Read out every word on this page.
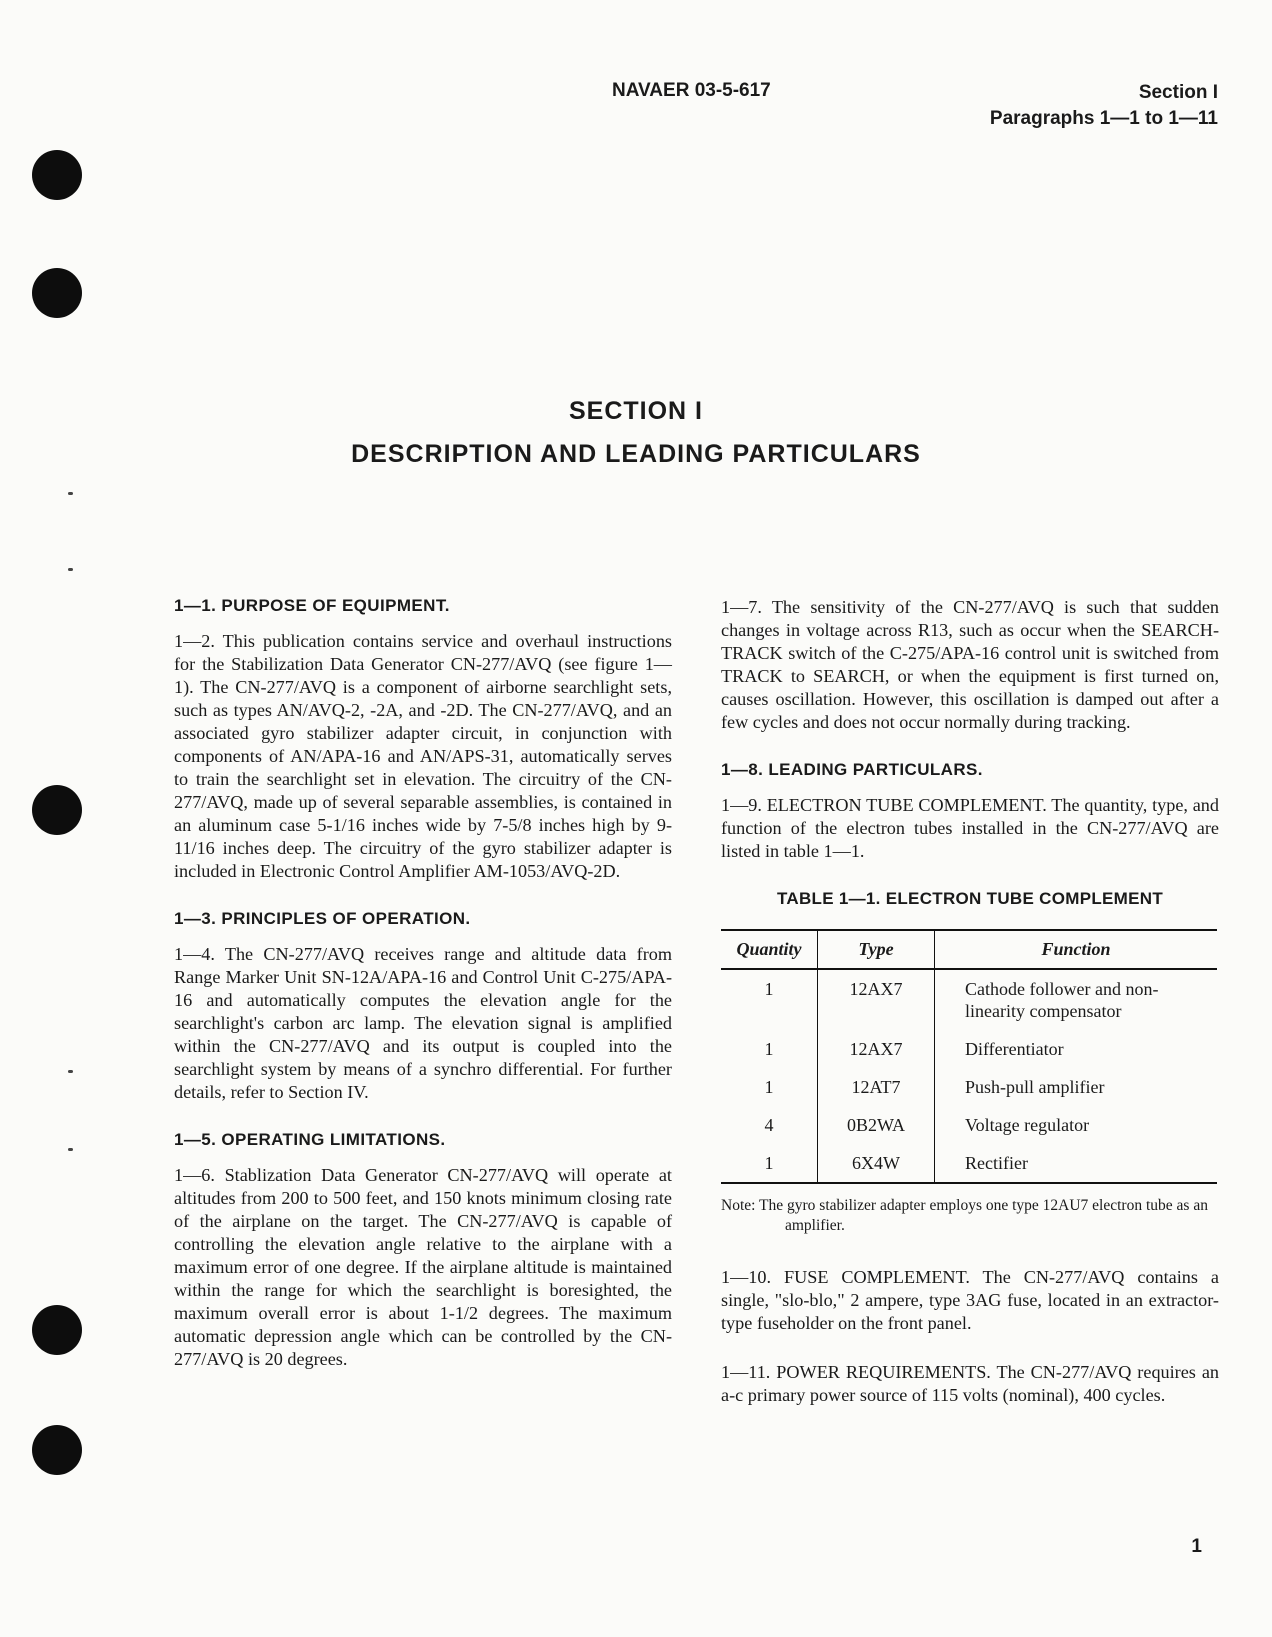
NAVAER 03-5-617	Section I
Paragraphs 1—1 to 1—11
SECTION I
DESCRIPTION AND LEADING PARTICULARS
1—1. PURPOSE OF EQUIPMENT.

1—2. This publication contains service and overhaul instructions for the Stabilization Data Generator CN-277/AVQ (see figure 1—1). The CN-277/AVQ is a component of airborne searchlight sets, such as types AN/AVQ-2, -2A, and -2D. The CN-277/AVQ, and an associated gyro stabilizer adapter circuit, in conjunction with components of AN/APA-16 and AN/APS-31, automatically serves to train the searchlight set in elevation. The circuitry of the CN-277/AVQ, made up of several separable assemblies, is contained in an aluminum case 5-1/16 inches wide by 7-5/8 inches high by 9-11/16 inches deep. The circuitry of the gyro stabilizer adapter is included in Electronic Control Amplifier AM-1053/AVQ-2D.

1—3. PRINCIPLES OF OPERATION.

1—4. The CN-277/AVQ receives range and altitude data from Range Marker Unit SN-12A/APA-16 and Control Unit C-275/APA-16 and automatically computes the elevation angle for the searchlight's carbon arc lamp. The elevation signal is amplified within the CN-277/AVQ and its output is coupled into the searchlight system by means of a synchro differential. For further details, refer to Section IV.

1—5. OPERATING LIMITATIONS.

1—6. Stablization Data Generator CN-277/AVQ will operate at altitudes from 200 to 500 feet, and 150 knots minimum closing rate of the airplane on the target. The CN-277/AVQ is capable of controlling the elevation angle relative to the airplane with a maximum error of one degree. If the airplane altitude is maintained within the range for which the searchlight is boresighted, the maximum overall error is about 1-1/2 degrees. The maximum automatic depression angle which can be controlled by the CN-277/AVQ is 20 degrees.

1—7. The sensitivity of the CN-277/AVQ is such that sudden changes in voltage across R13, such as occur when the SEARCH-TRACK switch of the C-275/APA-16 control unit is switched from TRACK to SEARCH, or when the equipment is first turned on, causes oscillation. However, this oscillation is damped out after a few cycles and does not occur normally during tracking.

1—8. LEADING PARTICULARS.

1—9. ELECTRON TUBE COMPLEMENT. The quantity, type, and function of the electron tubes installed in the CN-277/AVQ are listed in table 1—1.

TABLE 1—1. ELECTRON TUBE COMPLEMENT
Quantity	Type	Function
1	12AX7	Cathode follower and non-linearity compensator
1	12AX7	Differentiator
1	12AT7	Push-pull amplifier
4	0B2WA	Voltage regulator
1	6X4W	Rectifier
Note: The gyro stabilizer adapter employs one type 12AU7 electron tube as an amplifier.

1—10. FUSE COMPLEMENT. The CN-277/AVQ contains a single, "slo-blo," 2 ampere, type 3AG fuse, located in an extractor-type fuseholder on the front panel.

1—11. POWER REQUIREMENTS. The CN-277/AVQ requires an a-c primary power source of 115 volts (nominal), 400 cycles.

1
